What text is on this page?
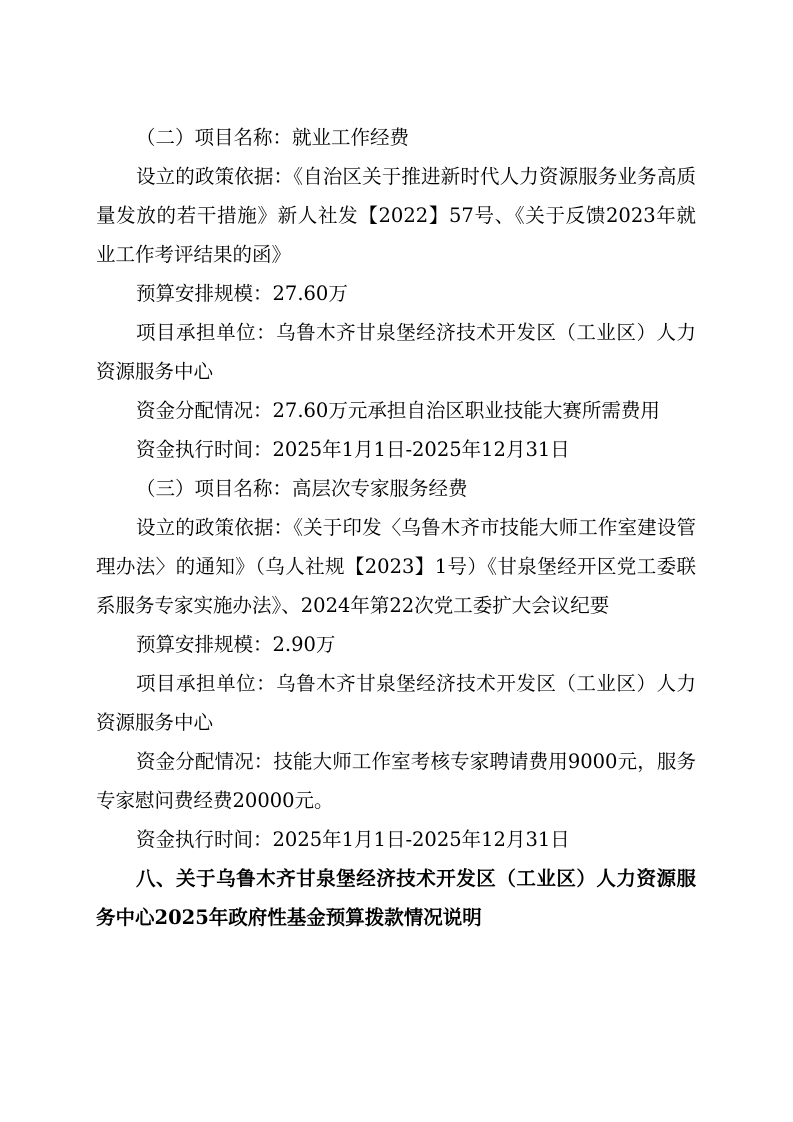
（二）项目名称：就业工作经费

设立的政策依据：《自治区关于推进新时代人力资源服务业务高质量发放的若干措施》新人社发【2022】57号、《关于反馈2023年就业工作考评结果的函》

预算安排规模：27.60万

项目承担单位：乌鲁木齐甘泉堡经济技术开发区（工业区）人力资源服务中心

资金分配情况：27.60万元承担自治区职业技能大赛所需费用

资金执行时间：2025年1月1日-2025年12月31日

（三）项目名称：高层次专家服务经费

设立的政策依据：《关于印发〈乌鲁木齐市技能大师工作室建设管理办法〉的通知》（乌人社规【2023】1号）《甘泉堡经开区党工委联系服务专家实施办法》、2024年第22次党工委扩大会议纪要

预算安排规模：2.90万

项目承担单位：乌鲁木齐甘泉堡经济技术开发区（工业区）人力资源服务中心

资金分配情况：技能大师工作室考核专家聘请费用9000元，服务专家慰问费经费20000元。

资金执行时间：2025年1月1日-2025年12月31日

八、关于乌鲁木齐甘泉堡经济技术开发区（工业区）人力资源服务中心2025年政府性基金预算拨款情况说明
